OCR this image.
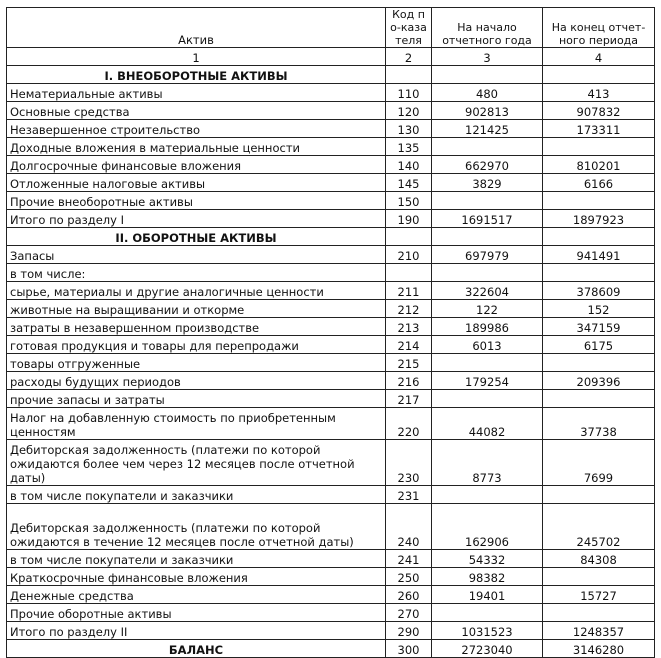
Актив	Код по-казателя	На начало отчетного года	На конец отчет-ного периода
1	2	3	4
I. ВНЕОБОРОТНЫЕ АКТИВЫ			
Нематериальные активы	110	480	413
Основные средства	120	902813	907832
Незавершенное строительство	130	121425	173311
Доходные вложения в материальные ценности	135		
Долгосрочные финансовые вложения	140	662970	810201
Отложенные налоговые активы	145	3829	6166
Прочие внеоборотные активы	150		
Итого по разделу I	190	1691517	1897923
II. ОБОРОТНЫЕ АКТИВЫ			
Запасы	210	697979	941491
в том числе:			
сырье, материалы и другие аналогичные ценности	211	322604	378609
животные на выращивании и откорме	212	122	152
затраты в незавершенном производстве	213	189986	347159
готовая продукция и товары для перепродажи	214	6013	6175
товары отгруженные	215		
расходы будущих периодов	216	179254	209396
прочие запасы и затраты	217		
Налог на добавленную стоимость по приобретенным ценностям	220	44082	37738
Дебиторская задолженность (платежи по которой ожидаются более чем через 12 месяцев после отчетной даты)	230	8773	7699
в том числе покупатели и заказчики	231		
Дебиторская задолженность (платежи по которой ожидаются в течение 12 месяцев после отчетной даты)	240	162906	245702
в том числе покупатели и заказчики	241	54332	84308
Краткосрочные финансовые вложения	250	98382	
Денежные средства	260	19401	15727
Прочие оборотные активы	270		
Итого по разделу II	290	1031523	1248357
БАЛАНС	300	2723040	3146280
